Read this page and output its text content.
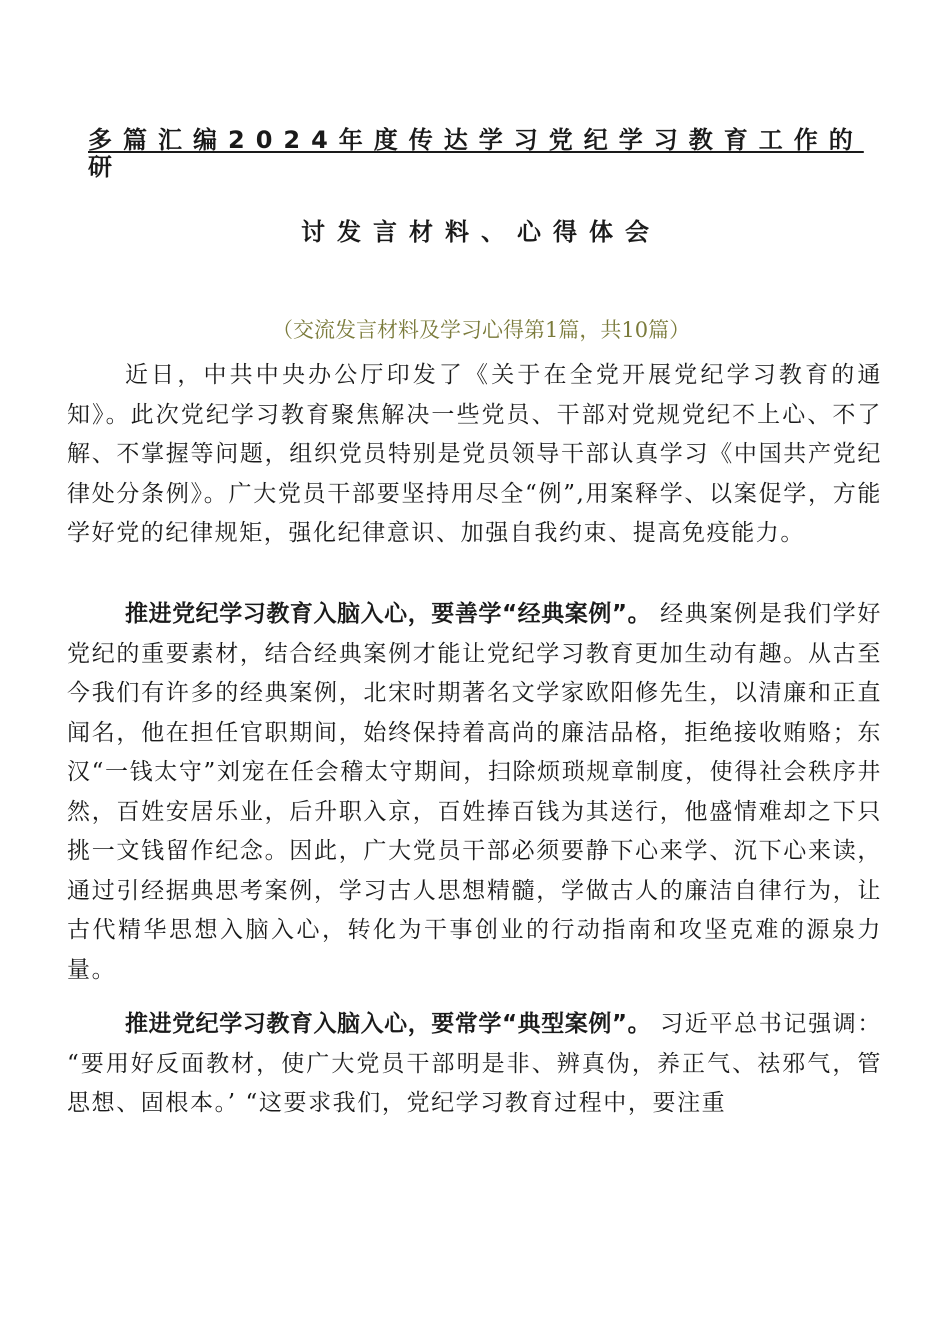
多篇汇编2024年度传达学习党纪学习教育工作的
研
讨发言材料、心得体会
（交流发言材料及学习心得第1篇，共10篇）

近日，中共中央办公厅印发了《关于在全党开展党纪学习教育的通知》。此次党纪学习教育聚焦解决一些党员、干部对党规党纪不上心、不了解、不掌握等问题，组织党员特别是党员领导干部认真学习《中国共产党纪律处分条例》。广大党员干部要坚持用尽全“例”,用案释学、以案促学，方能学好党的纪律规矩，强化纪律意识、加强自我约束、提高免疫能力。

推进党纪学习教育入脑入心，要善学“经典案例”。 经典案例是我们学好党纪的重要素材，结合经典案例才能让党纪学习教育更加生动有趣。从古至今我们有许多的经典案例，北宋时期著名文学家欧阳修先生，以清廉和正直闻名，他在担任官职期间，始终保持着高尚的廉洁品格，拒绝接收贿赂；东汉“一钱太守”刘宠在任会稽太守期间，扫除烦琐规章制度，使得社会秩序井然，百姓安居乐业，后升职入京，百姓捧百钱为其送行，他盛情难却之下只挑一文钱留作纪念。因此，广大党员干部必须要静下心来学、沉下心来读，通过引经据典思考案例，学习古人思想精髓，学做古人的廉洁自律行为，让古代精华思想入脑入心，转化为干事创业的行动指南和攻坚克难的源泉力量。

推进党纪学习教育入脑入心，要常学“典型案例”。 习近平总书记强调： “要用好反面教材，使广大党员干部明是非、辨真伪，养正气、祛邪气，管思想、固根本。’ “这要求我们，党纪学习教育过程中，要注重
